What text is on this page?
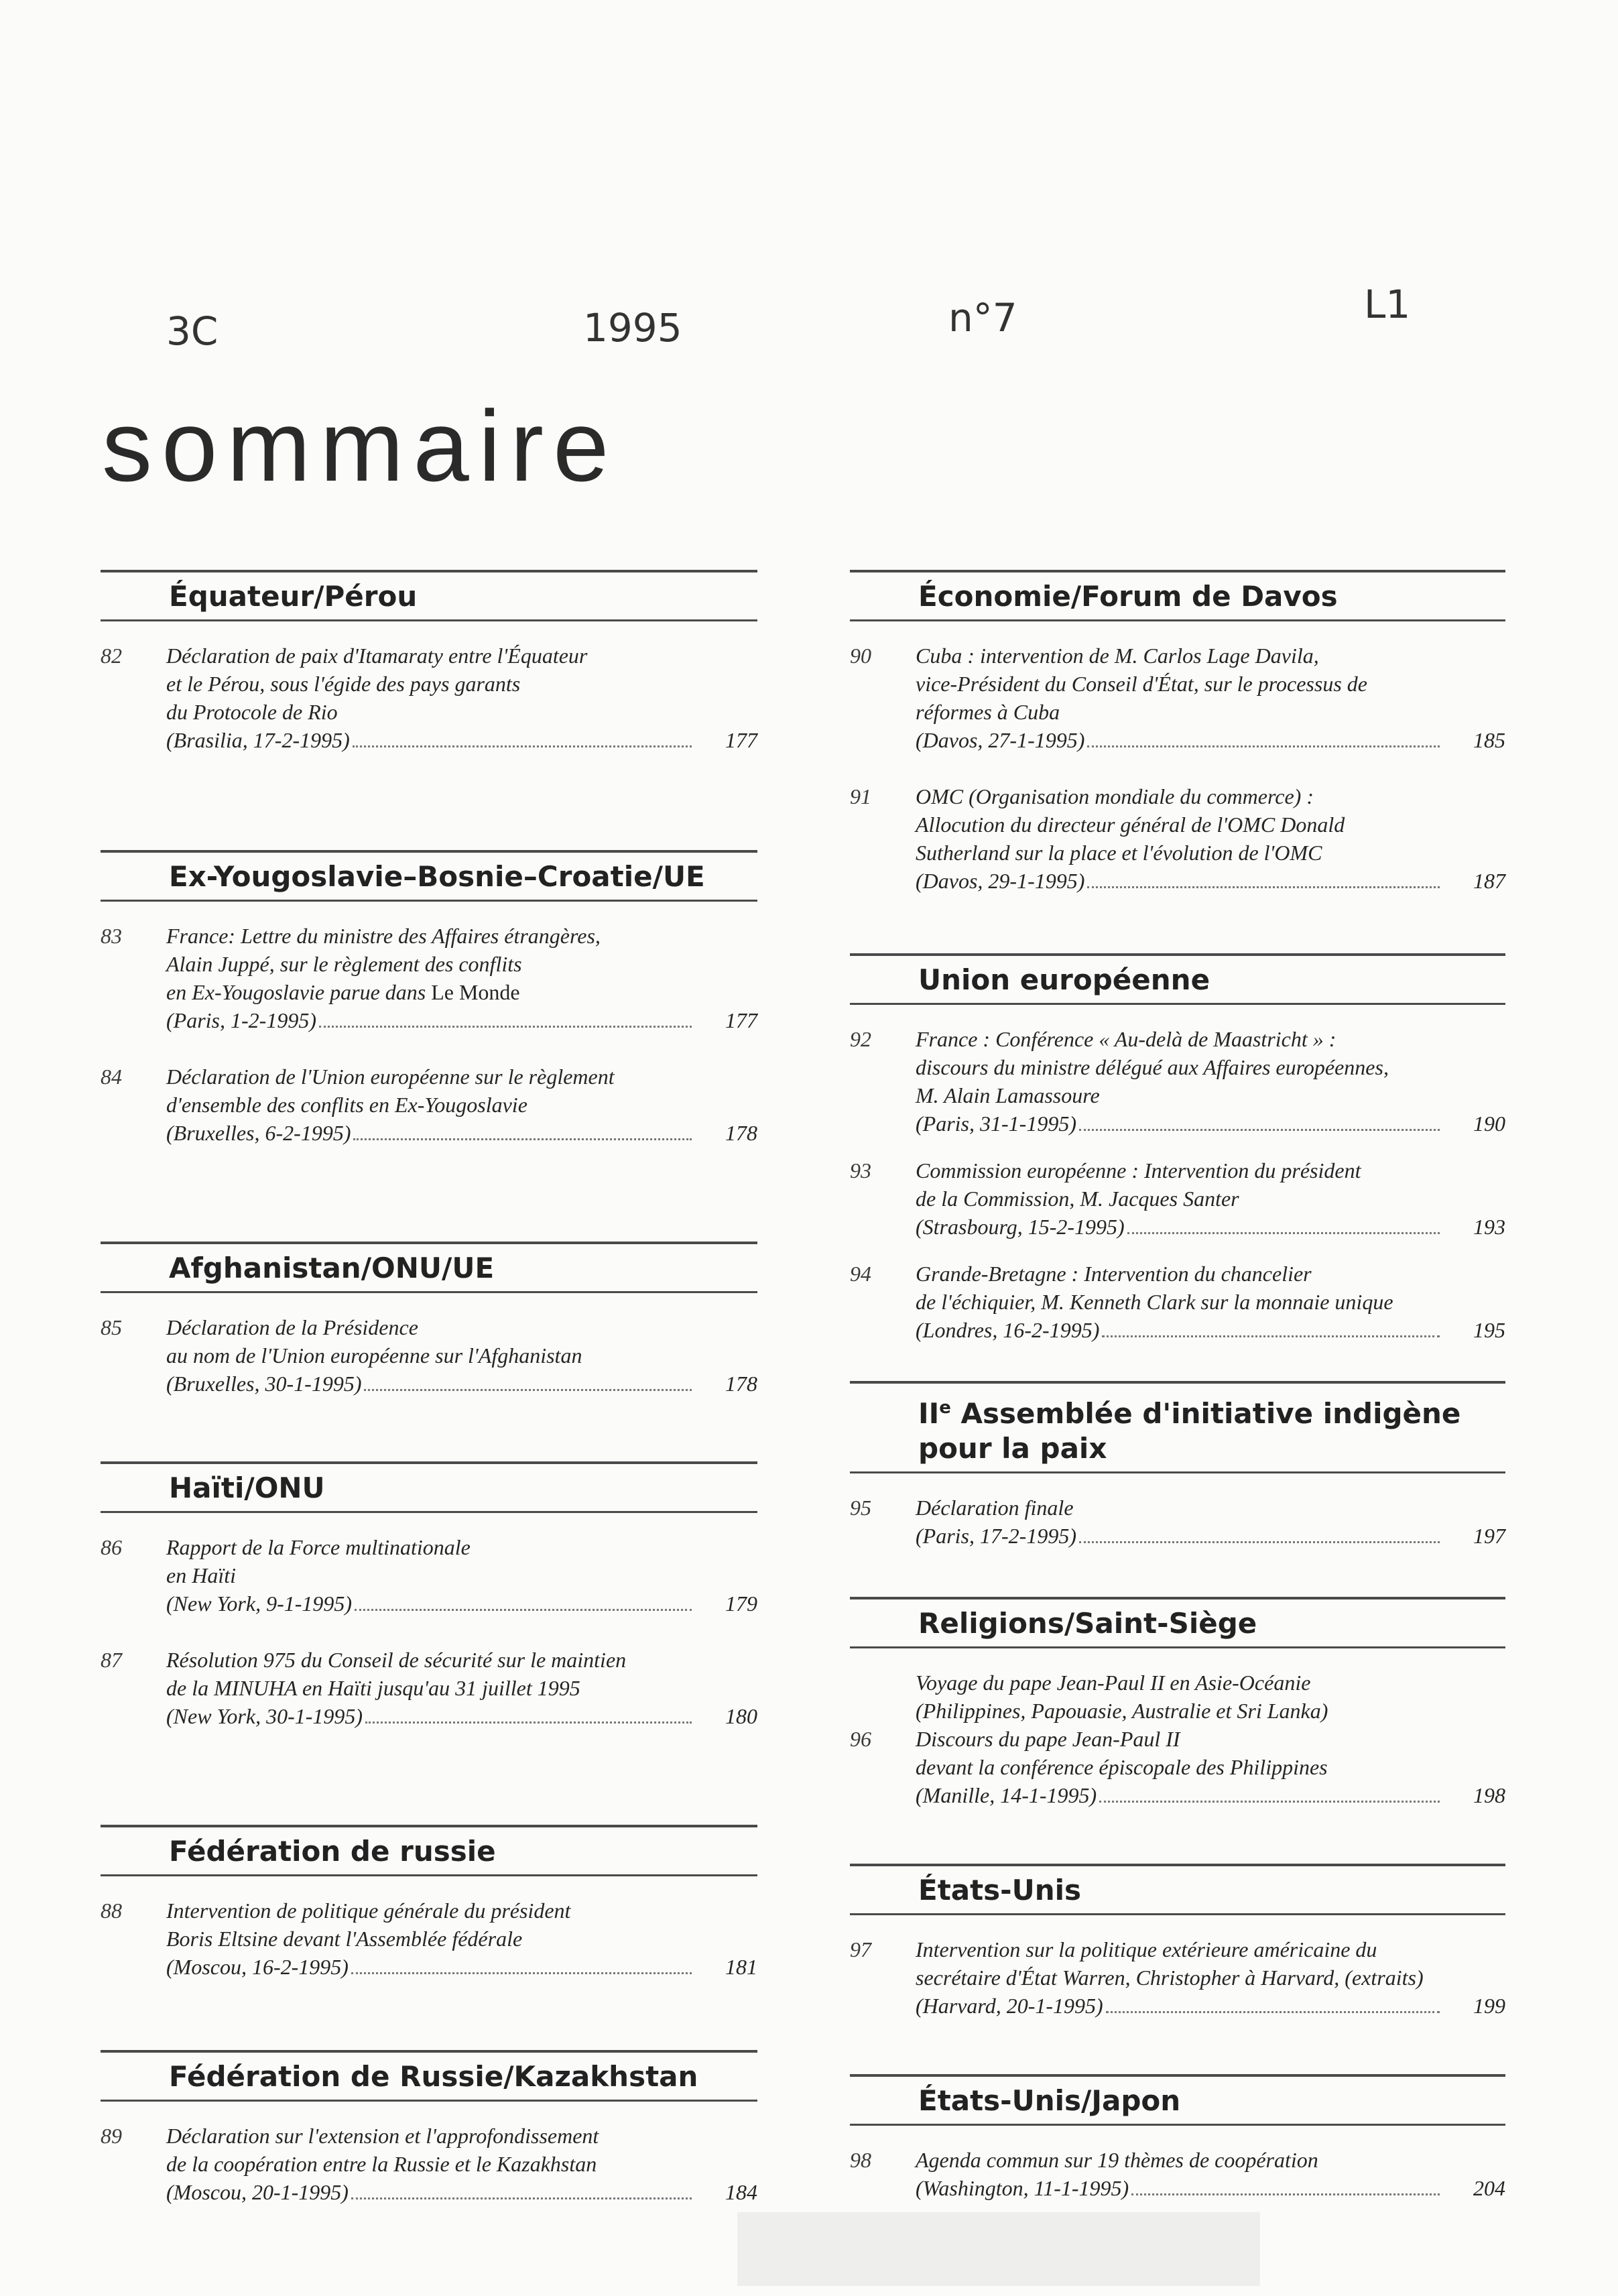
3C	1995	n°7	L1
sommaire
Équateur/Pérou
82 Déclaration de paix d'Itamaraty entre l'Équateur
et le Pérou, sous l'égide des pays garants
du Protocole de Rio
(Brasilia, 17-2-1995)	177
Ex-Yougoslavie–Bosnie–Croatie/UE
83 France: Lettre du ministre des Affaires étrangères,
Alain Juppé, sur le règlement des conflits
en Ex-Yougoslavie parue dans Le Monde
(Paris, 1-2-1995)	177
84 Déclaration de l'Union européenne sur le règlement
d'ensemble des conflits en Ex-Yougoslavie
(Bruxelles, 6-2-1995)	178
Afghanistan/ONU/UE
85 Déclaration de la Présidence
au nom de l'Union européenne sur l'Afghanistan
(Bruxelles, 30-1-1995)	178
Haïti/ONU
86 Rapport de la Force multinationale
en Haïti
(New York, 9-1-1995)	179
87 Résolution 975 du Conseil de sécurité sur le maintien
de la MINUHA en Haïti jusqu'au 31 juillet 1995
(New York, 30-1-1995)	180
Fédération de russie
88 Intervention de politique générale du président
Boris Eltsine devant l'Assemblée fédérale
(Moscou, 16-2-1995)	181
Fédération de Russie/Kazakhstan
89 Déclaration sur l'extension et l'approfondissement
de la coopération entre la Russie et le Kazakhstan
(Moscou, 20-1-1995)	184
Économie/Forum de Davos
90 Cuba : intervention de M. Carlos Lage Davila,
vice-Président du Conseil d'État, sur le processus de
réformes à Cuba
(Davos, 27-1-1995)	185
91 OMC (Organisation mondiale du commerce) :
Allocution du directeur général de l'OMC Donald
Sutherland sur la place et l'évolution de l'OMC
(Davos, 29-1-1995)	187
Union européenne
92 France : Conférence « Au-delà de Maastricht » :
discours du ministre délégué aux Affaires européennes,
M. Alain Lamassoure
(Paris, 31-1-1995)	190
93 Commission européenne : Intervention du président
de la Commission, M. Jacques Santer
(Strasbourg, 15-2-1995)	193
94 Grande-Bretagne : Intervention du chancelier
de l'échiquier, M. Kenneth Clark sur la monnaie unique
(Londres, 16-2-1995)	195
IIe Assemblée d'initiative indigène pour la paix
95 Déclaration finale
(Paris, 17-2-1995)	197
Religions/Saint-Siège
Voyage du pape Jean-Paul II en Asie-Océanie
(Philippines, Papouasie, Australie et Sri Lanka)
96 Discours du pape Jean-Paul II
devant la conférence épiscopale des Philippines
(Manille, 14-1-1995)	198
États-Unis
97 Intervention sur la politique extérieure américaine du
secrétaire d'État Warren, Christopher à Harvard, (extraits)
(Harvard, 20-1-1995)	199
États-Unis/Japon
98 Agenda commun sur 19 thèmes de coopération
(Washington, 11-1-1995)	204
